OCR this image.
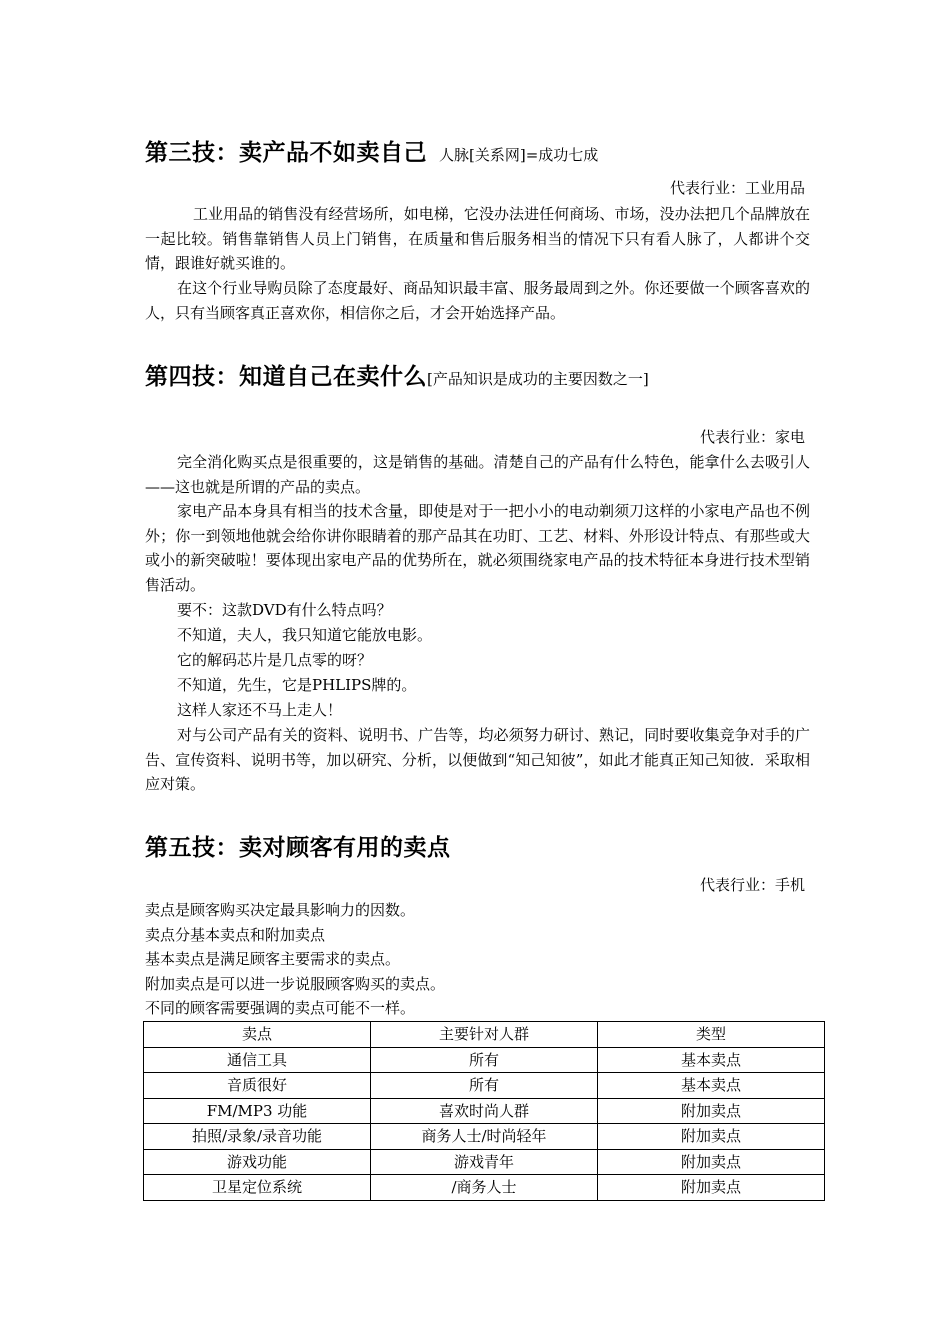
第三技：卖产品不如卖自己 人脉[关系网]=成功七成
代表行业：工业用品
工业用品的销售没有经营场所，如电梯，它没办法进任何商场、市场，没办法把几个品牌放在一起比较。销售靠销售人员上门销售，在质量和售后服务相当的情况下只有看人脉了，人都讲个交情，跟谁好就买谁的。
在这个行业导购员除了态度最好、商品知识最丰富、服务最周到之外。你还要做一个顾客喜欢的人，只有当顾客真正喜欢你，相信你之后，才会开始选择产品。
第四技：知道自己在卖什么[产品知识是成功的主要因数之一]
代表行业：家电
完全消化购买点是很重要的，这是销售的基础。清楚自己的产品有什么特色，能拿什么去吸引人——这也就是所谓的产品的卖点。
家电产品本身具有相当的技术含量，即使是对于一把小小的电动剃须刀这样的小家电产品也不例外；你一到领地他就会给你讲你眼睛着的那产品其在功盯、工艺、材料、外形设计特点、有那些或大或小的新突破啦！要体现出家电产品的优势所在，就必须围绕家电产品的技术特征本身进行技术型销售活动。
要不：这款DVD有什么特点吗？
不知道，夫人，我只知道它能放电影。
它的解码芯片是几点零的呀？
不知道，先生，它是PHLIPS牌的。
这样人家还不马上走人！
对与公司产品有关的资料、说明书、广告等，均必须努力研讨、熟记，同时要收集竞争对手的广告、宣传资料、说明书等，加以研究、分析，以便做到“知己知彼”，如此才能真正知己知彼．采取相应对策。
第五技：卖对顾客有用的卖点
代表行业：手机
卖点是顾客购买决定最具影响力的因数。
卖点分基本卖点和附加卖点
基本卖点是满足顾客主要需求的卖点。
附加卖点是可以进一步说服顾客购买的卖点。
不同的顾客需要强调的卖点可能不一样。
卖点	主要针对人群	类型
通信工具	所有	基本卖点
音质很好	所有	基本卖点
FM/MP3 功能	喜欢时尚人群	附加卖点
拍照/录象/录音功能	商务人士/时尚轻年	附加卖点
游戏功能	游戏青年	附加卖点
卫星定位系统	/商务人士	附加卖点
